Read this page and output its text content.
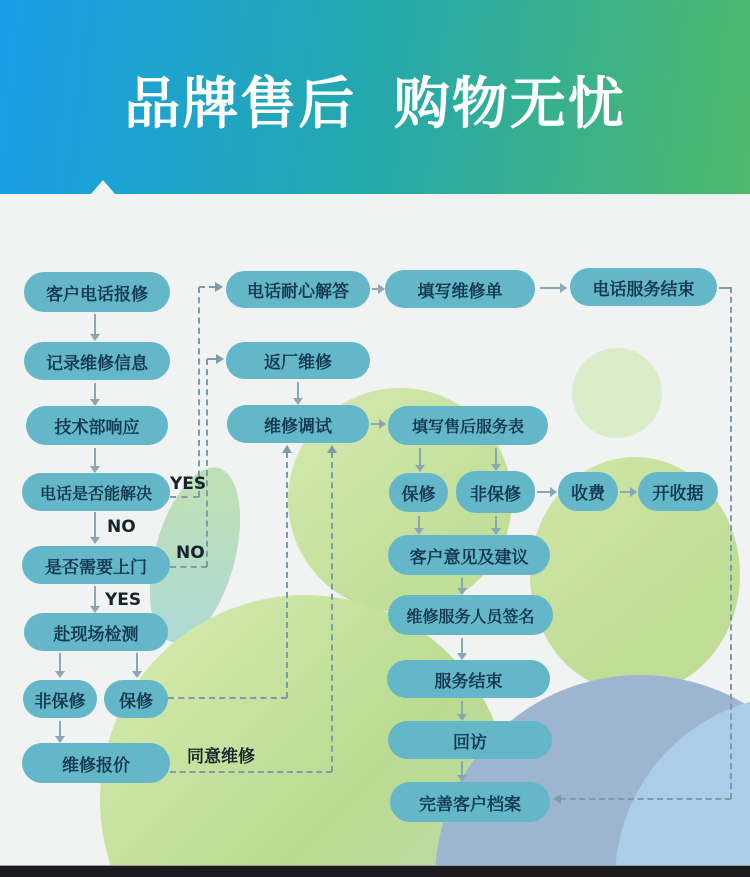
品牌售后 购物无忧
客户电话报修
记录维修信息
技术部响应
电话是否能解决
是否需要上门
赴现场检测
非保修	保修
维修报价
电话耐心解答
返厂维修
维修调试
填写维修单	电话服务结束
填写售后服务表
保修	非保修	收费	开收据
客户意见及建议
维修服务人员签名
服务结束
回访
完善客户档案
YES
NO
NO
YES
同意维修
